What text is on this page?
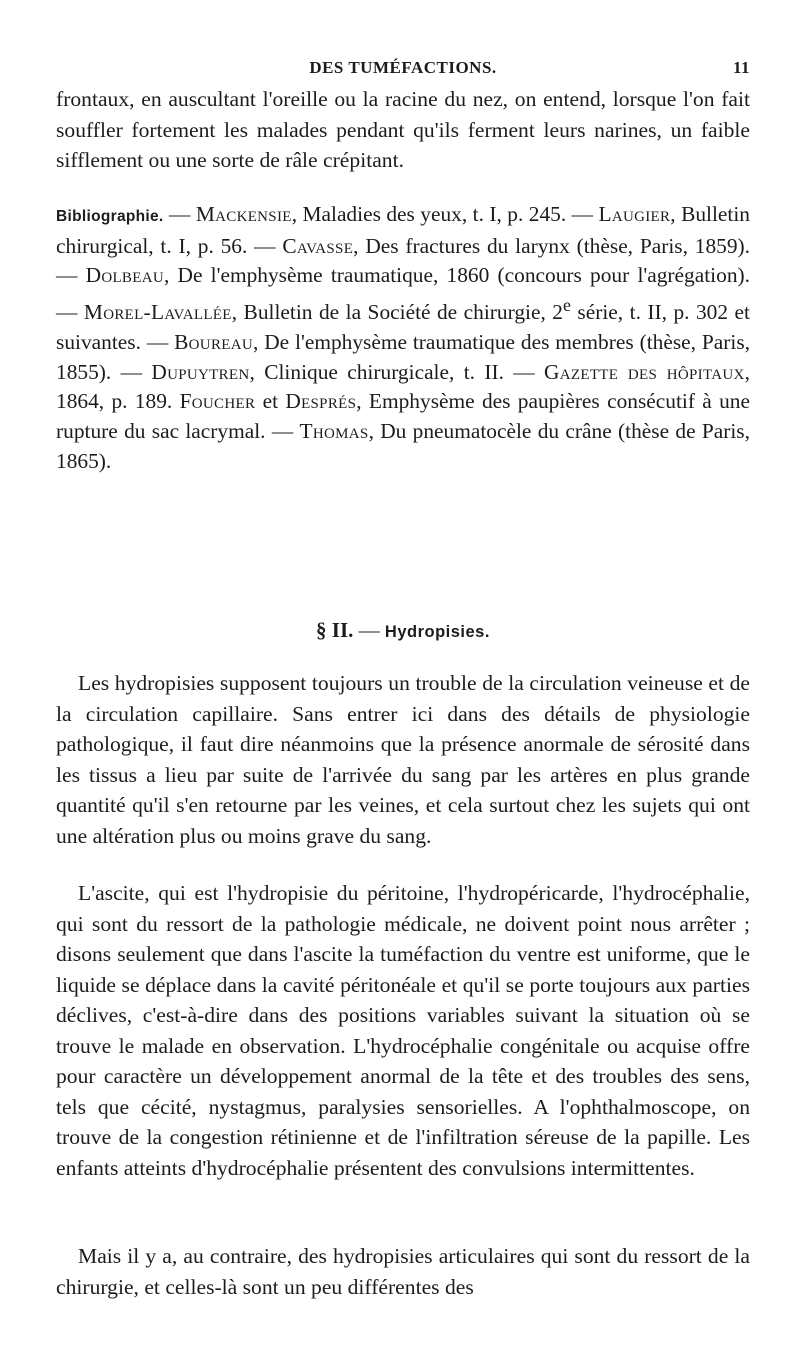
DES TUMÉFACTIONS.	11

frontaux, en auscultant l'oreille ou la racine du nez, on entend, lorsque l'on fait souffler fortement les malades pendant qu'ils ferment leurs narines, un faible sifflement ou une sorte de râle crépitant.

Bibliographie. — Mackensie, Maladies des yeux, t. I, p. 245. — Laugier, Bulletin chirurgical, t. I, p. 56. — Cavasse, Des fractures du larynx (thèse, Paris, 1859). — Dolbeau, De l'emphysème traumatique, 1860 (concours pour l'agrégation). — Morel-Lavallée, Bulletin de la Société de chirurgie, 2e série, t. II, p. 302 et suivantes. — Boureau, De l'emphysème traumatique des membres (thèse, Paris, 1855). — Dupuytren, Clinique chirurgicale, t. II. — Gazette des hôpitaux, 1864, p. 189. Foucher et Després, Emphysème des paupières consécutif à une rupture du sac lacrymal. — Thomas, Du pneumatocèle du crâne (thèse de Paris, 1865).

§ II. — Hydropisies.

Les hydropisies supposent toujours un trouble de la circulation veineuse et de la circulation capillaire. Sans entrer ici dans des détails de physiologie pathologique, il faut dire néanmoins que la présence anormale de sérosité dans les tissus a lieu par suite de l'arrivée du sang par les artères en plus grande quantité qu'il s'en retourne par les veines, et cela surtout chez les sujets qui ont une altération plus ou moins grave du sang.

L'ascite, qui est l'hydropisie du péritoine, l'hydropéricarde, l'hydrocéphalie, qui sont du ressort de la pathologie médicale, ne doivent point nous arrêter ; disons seulement que dans l'ascite la tuméfaction du ventre est uniforme, que le liquide se déplace dans la cavité péritonéale et qu'il se porte toujours aux parties déclives, c'est-à-dire dans des positions variables suivant la situation où se trouve le malade en observation. L'hydrocéphalie congénitale ou acquise offre pour caractère un développement anormal de la tête et des troubles des sens, tels que cécité, nystagmus, paralysies sensorielles. A l'ophthalmoscope, on trouve de la congestion rétinienne et de l'infiltration séreuse de la papille. Les enfants atteints d'hydrocéphalie présentent des convulsions intermittentes.

Mais il y a, au contraire, des hydropisies articulaires qui sont du ressort de la chirurgie, et celles-là sont un peu différentes des
